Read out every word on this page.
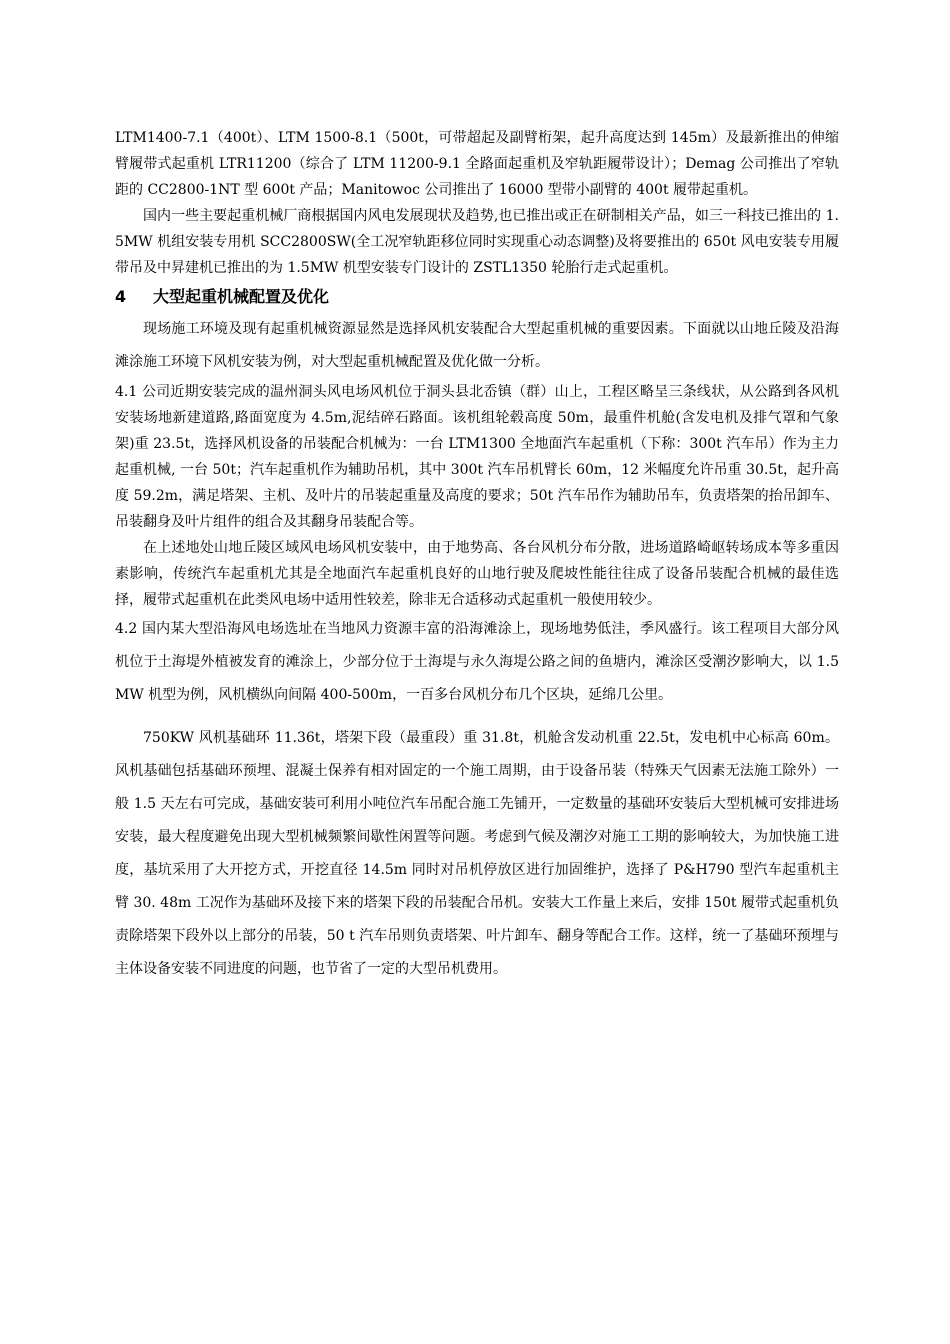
LTM1400-7.1（400t）、LTM 1500-8.1（500t，可带超起及副臂桁架，起升高度达到 145m）及最新推出的伸缩臂履带式起重机 LTR11200（综合了 LTM 11200-9.1 全路面起重机及窄轨距履带设计）；Demag 公司推出了窄轨距的 CC2800-1NT 型 600t 产品；Manitowoc 公司推出了 16000 型带小副臂的 400t 履带起重机。

国内一些主要起重机械厂商根据国内风电发展现状及趋势,也已推出或正在研制相关产品，如三一科技已推出的 1.5MW 机组安装专用机 SCC2800SW(全工况窄轨距移位同时实现重心动态调整)及将要推出的 650t 风电安装专用履带吊及中昇建机已推出的为 1.5MW 机型安装专门设计的 ZSTL1350 轮胎行走式起重机。

4 大型起重机械配置及优化

现场施工环境及现有起重机械资源显然是选择风机安装配合大型起重机械的重要因素。下面就以山地丘陵及沿海滩涂施工环境下风机安装为例，对大型起重机械配置及优化做一分析。

4.1 公司近期安装完成的温州洞头风电场风机位于洞头县北岙镇（群）山上，工程区略呈三条线状，从公路到各风机安装场地新建道路,路面宽度为 4.5m,泥结碎石路面。该机组轮毂高度 50m，最重件机舱(含发电机及排气罩和气象架)重 23.5t，选择风机设备的吊装配合机械为：一台 LTM1300 全地面汽车起重机（下称：300t 汽车吊）作为主力起重机械, 一台 50t；汽车起重机作为辅助吊机，其中 300t 汽车吊机臂长 60m，12 米幅度允许吊重 30.5t，起升高度 59.2m，满足塔架、主机、及叶片的吊装起重量及高度的要求；50t 汽车吊作为辅助吊车，负责塔架的抬吊卸车、吊装翻身及叶片组件的组合及其翻身吊装配合等。

在上述地处山地丘陵区域风电场风机安装中，由于地势高、各台风机分布分散，进场道路崎岖转场成本等多重因素影响，传统汽车起重机尤其是全地面汽车起重机良好的山地行驶及爬坡性能往往成了设备吊装配合机械的最佳选择，履带式起重机在此类风电场中适用性较差，除非无合适移动式起重机一般使用较少。

4.2 国内某大型沿海风电场选址在当地风力资源丰富的沿海滩涂上，现场地势低洼，季风盛行。该工程项目大部分风机位于土海堤外植被发育的滩涂上，少部分位于土海堤与永久海堤公路之间的鱼塘内，滩涂区受潮汐影响大，以 1.5MW 机型为例，风机横纵向间隔 400-500m，一百多台风机分布几个区块，延绵几公里。

750KW 风机基础环 11.36t，塔架下段（最重段）重 31.8t，机舱含发动机重 22.5t，发电机中心标高 60m。风机基础包括基础环预埋、混凝土保养有相对固定的一个施工周期，由于设备吊装（特殊天气因素无法施工除外）一般 1.5 天左右可完成，基础安装可利用小吨位汽车吊配合施工先铺开，一定数量的基础环安装后大型机械可安排进场安装，最大程度避免出现大型机械频繁间歇性闲置等问题。考虑到气候及潮汐对施工工期的影响较大，为加快施工进度，基坑采用了大开挖方式，开挖直径 14.5m 同时对吊机停放区进行加固维护，选择了 P&H790 型汽车起重机主臂 30. 48m 工况作为基础环及接下来的塔架下段的吊装配合吊机。安装大工作量上来后，安排 150t 履带式起重机负责除塔架下段外以上部分的吊装，50 t 汽车吊则负责塔架、叶片卸车、翻身等配合工作。这样，统一了基础环预埋与主体设备安装不同进度的问题，也节省了一定的大型吊机费用。
